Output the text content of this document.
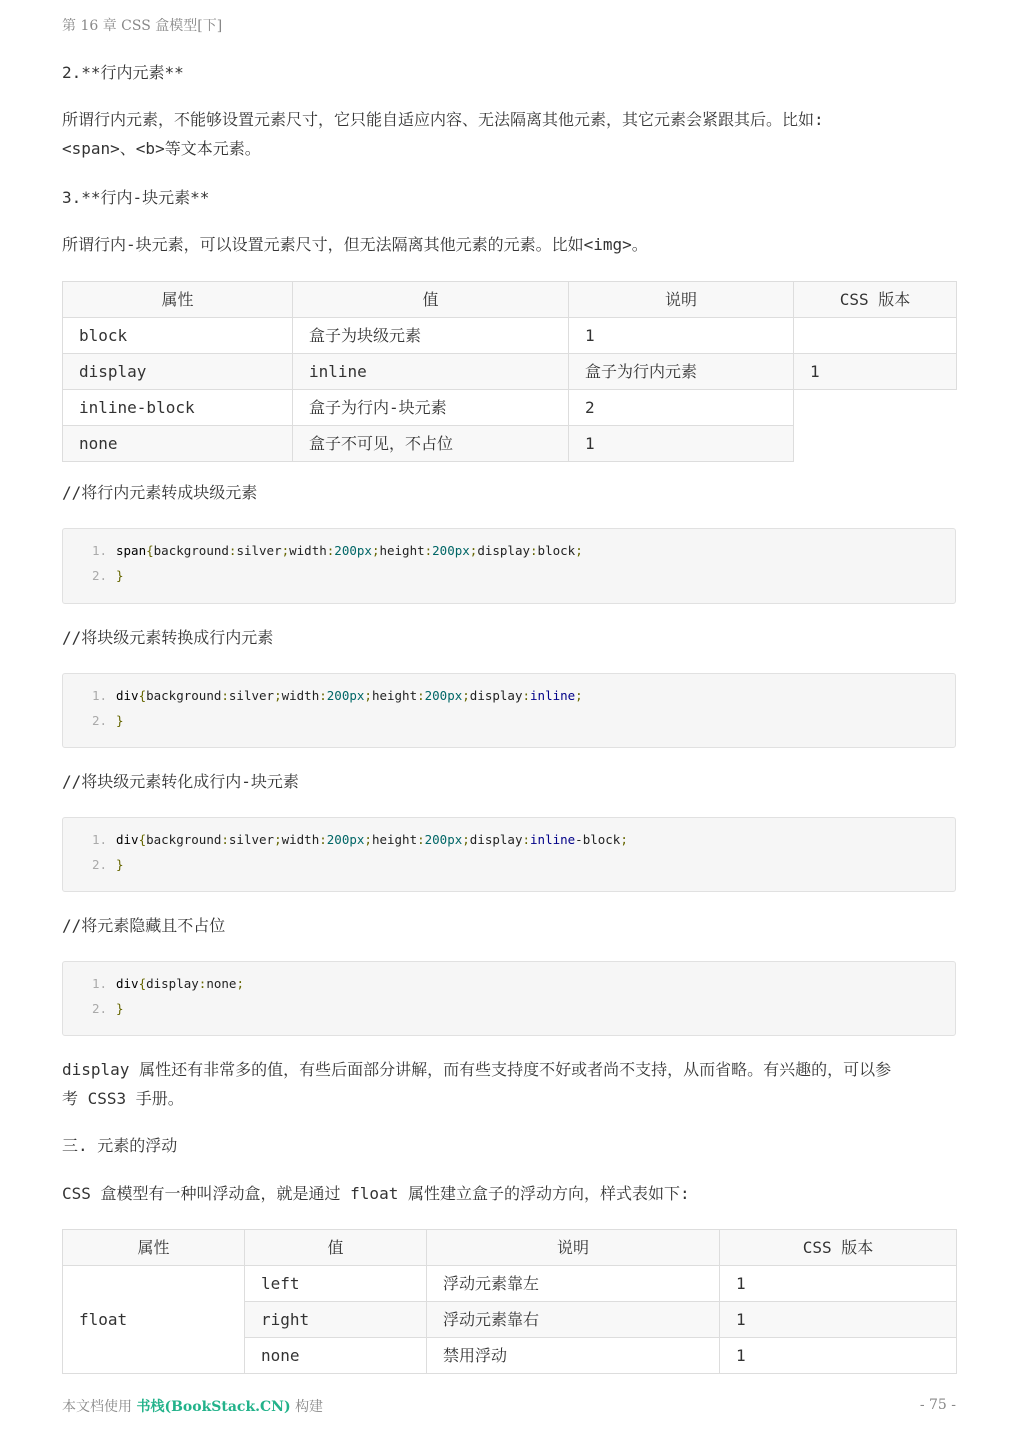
第 16 章 CSS 盒模型[下]
2.**行内元素**
所谓行内元素，不能够设置元素尺寸，它只能自适应内容、无法隔离其他元素，其它元素会紧跟其后。比如:
<span>、<b>等文本元素。
3.**行内-块元素**
所谓行内-块元素，可以设置元素尺寸，但无法隔离其他元素的元素。比如<img>。
属性	值	说明	CSS 版本
block	盒子为块级元素	1	
display	inline	盒子为行内元素	1
inline-block	盒子为行内-块元素	2	
none	盒子不可见，不占位	1	
//将行内元素转成块级元素
1. span { background : silver ; width : 200px ; height : 200px ; display : block ;
2. }
//将块级元素转换成行内元素
1. div { background : silver ; width : 200px ; height : 200px ; display : inline ;
2. }
//将块级元素转化成行内-块元素
1. div { background : silver ; width : 200px ; height : 200px ; display : inline -block ;
2. }
//将元素隐藏且不占位
1. div { display : none ;
2. }
display 属性还有非常多的值，有些后面部分讲解，而有些支持度不好或者尚不支持，从而省略。有兴趣的，可以参
考 CSS3 手册。
三. 元素的浮动
CSS 盒模型有一种叫浮动盒，就是通过 float 属性建立盒子的浮动方向，样式表如下:
属性	值	说明	CSS 版本
float	left	浮动元素靠左	1
	right	浮动元素靠右	1
	none	禁用浮动	1
本文档使用 书栈(BookStack.CN) 构建	- 75 -
